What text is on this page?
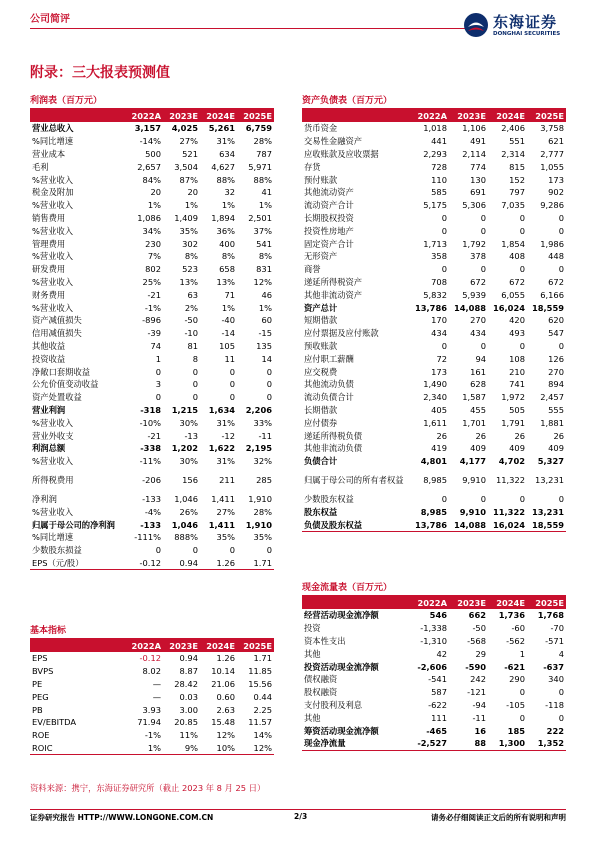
公司简评	东海证券
DONGHAI SECURITIES
附录：三大报表预测值
利润表（百万元）
	2022A	2023E	2024E	2025E
营业总收入	3,157	4,025	5,261	6,759
%同比增速	-14%	27%	31%	28%
营业成本	500	521	634	787
毛利	2,657	3,504	4,627	5,971
%营业收入	84%	87%	88%	88%
税金及附加	20	20	32	41
%营业收入	1%	1%	1%	1%
销售费用	1,086	1,409	1,894	2,501
%营业收入	34%	35%	36%	37%
管理费用	230	302	400	541
%营业收入	7%	8%	8%	8%
研发费用	802	523	658	831
%营业收入	25%	13%	13%	12%
财务费用	-21	63	71	46
%营业收入	-1%	2%	1%	1%
资产减值损失	-896	-50	-40	60
信用减值损失	-39	-10	-14	-15
其他收益	74	81	105	135
投资收益	1	8	11	14
净敞口套期收益	0	0	0	0
公允价值变动收益	3	0	0	0
资产处置收益	0	0	0	0
营业利润	-318	1,215	1,634	2,206
%营业收入	-10%	30%	31%	33%
营业外收支	-21	-13	-12	-11
利润总额	-338	1,202	1,622	2,195
%营业收入	-11%	30%	31%	32%
所得税费用	-206	156	211	285
净利润	-133	1,046	1,411	1,910
%营业收入	-4%	26%	27%	28%
归属于母公司的净利润	-133	1,046	1,411	1,910
%同比增速	-111%	888%	35%	35%
少数股东损益	0	0	0	0
EPS（元/股）	-0.12	0.94	1.26	1.71
基本指标
	2022A	2023E	2024E	2025E
EPS	-0.12	0.94	1.26	1.71
BVPS	8.02	8.87	10.14	11.85
PE	—	28.42	21.06	15.56
PEG	—	0.03	0.60	0.44
PB	3.93	3.00	2.63	2.25
EV/EBITDA	71.94	20.85	15.48	11.57
ROE	-1%	11%	12%	14%
ROIC	1%	9%	10%	12%
资产负债表（百万元）
	2022A	2023E	2024E	2025E
货币资金	1,018	1,106	2,406	3,758
交易性金融资产	441	491	551	621
应收账款及应收票据	2,293	2,114	2,314	2,777
存货	728	774	815	1,055
预付账款	110	130	152	173
其他流动资产	585	691	797	902
流动资产合计	5,175	5,306	7,035	9,286
长期股权投资	0	0	0	0
投资性房地产	0	0	0	0
固定资产合计	1,713	1,792	1,854	1,986
无形资产	358	378	408	448
商誉	0	0	0	0
递延所得税资产	708	672	672	672
其他非流动资产	5,832	5,939	6,055	6,166
资产总计	13,786	14,088	16,024	18,559
短期借款	170	270	420	620
应付票据及应付账款	434	434	493	547
预收账款	0	0	0	0
应付职工薪酬	72	94	108	126
应交税费	173	161	210	270
其他流动负债	1,490	628	741	894
流动负债合计	2,340	1,587	1,972	2,457
长期借款	405	455	505	555
应付债券	1,611	1,701	1,791	1,881
递延所得税负债	26	26	26	26
其他非流动负债	419	409	409	409
负债合计	4,801	4,177	4,702	5,327
归属于母公司的所有者权益	8,985	9,910	11,322	13,231
少数股东权益	0	0	0	0
股东权益	8,985	9,910	11,322	13,231
负债及股东权益	13,786	14,088	16,024	18,559
现金流量表（百万元）
	2022A	2023E	2024E	2025E
经营活动现金流净额	546	662	1,736	1,768
投资	-1,338	-50	-60	-70
资本性支出	-1,310	-568	-562	-571
其他	42	29	1	4
投资活动现金流净额	-2,606	-590	-621	-637
债权融资	-541	242	290	340
股权融资	587	-121	0	0
支付股利及利息	-622	-94	-105	-118
其他	111	-11	0	0
筹资活动现金流净额	-465	16	185	222
现金净流量	-2,527	88	1,300	1,352
资料来源：携宁，东海证券研究所（截止 2023 年 8 月 25 日）
证券研究报告 HTTP://WWW.LONGONE.COM.CN	2/3	请务必仔细阅读正文后的所有说明和声明
